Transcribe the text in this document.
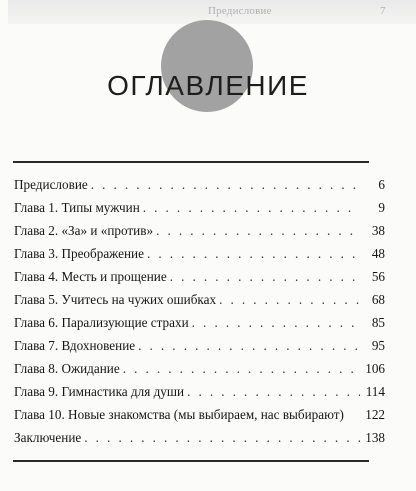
Предисловие	7
ОГЛАВЛЕНИЕ
Предисловие . . .	6
Глава 1. Типы мужчин . . .	9
Глава 2. «За» и «против» . . .	38
Глава 3. Преображение . . .	48
Глава 4. Месть и прощение . . .	56
Глава 5. Учитесь на чужих ошибках . . .	68
Глава 6. Парализующие страхи . . .	85
Глава 7. Вдохновение . . .	95
Глава 8. Ожидание . . .	106
Глава 9. Гимнастика для души . . .	114
Глава 10. Новые знакомства (мы выбираем, нас выбирают)	122
Заключение . . .	138
